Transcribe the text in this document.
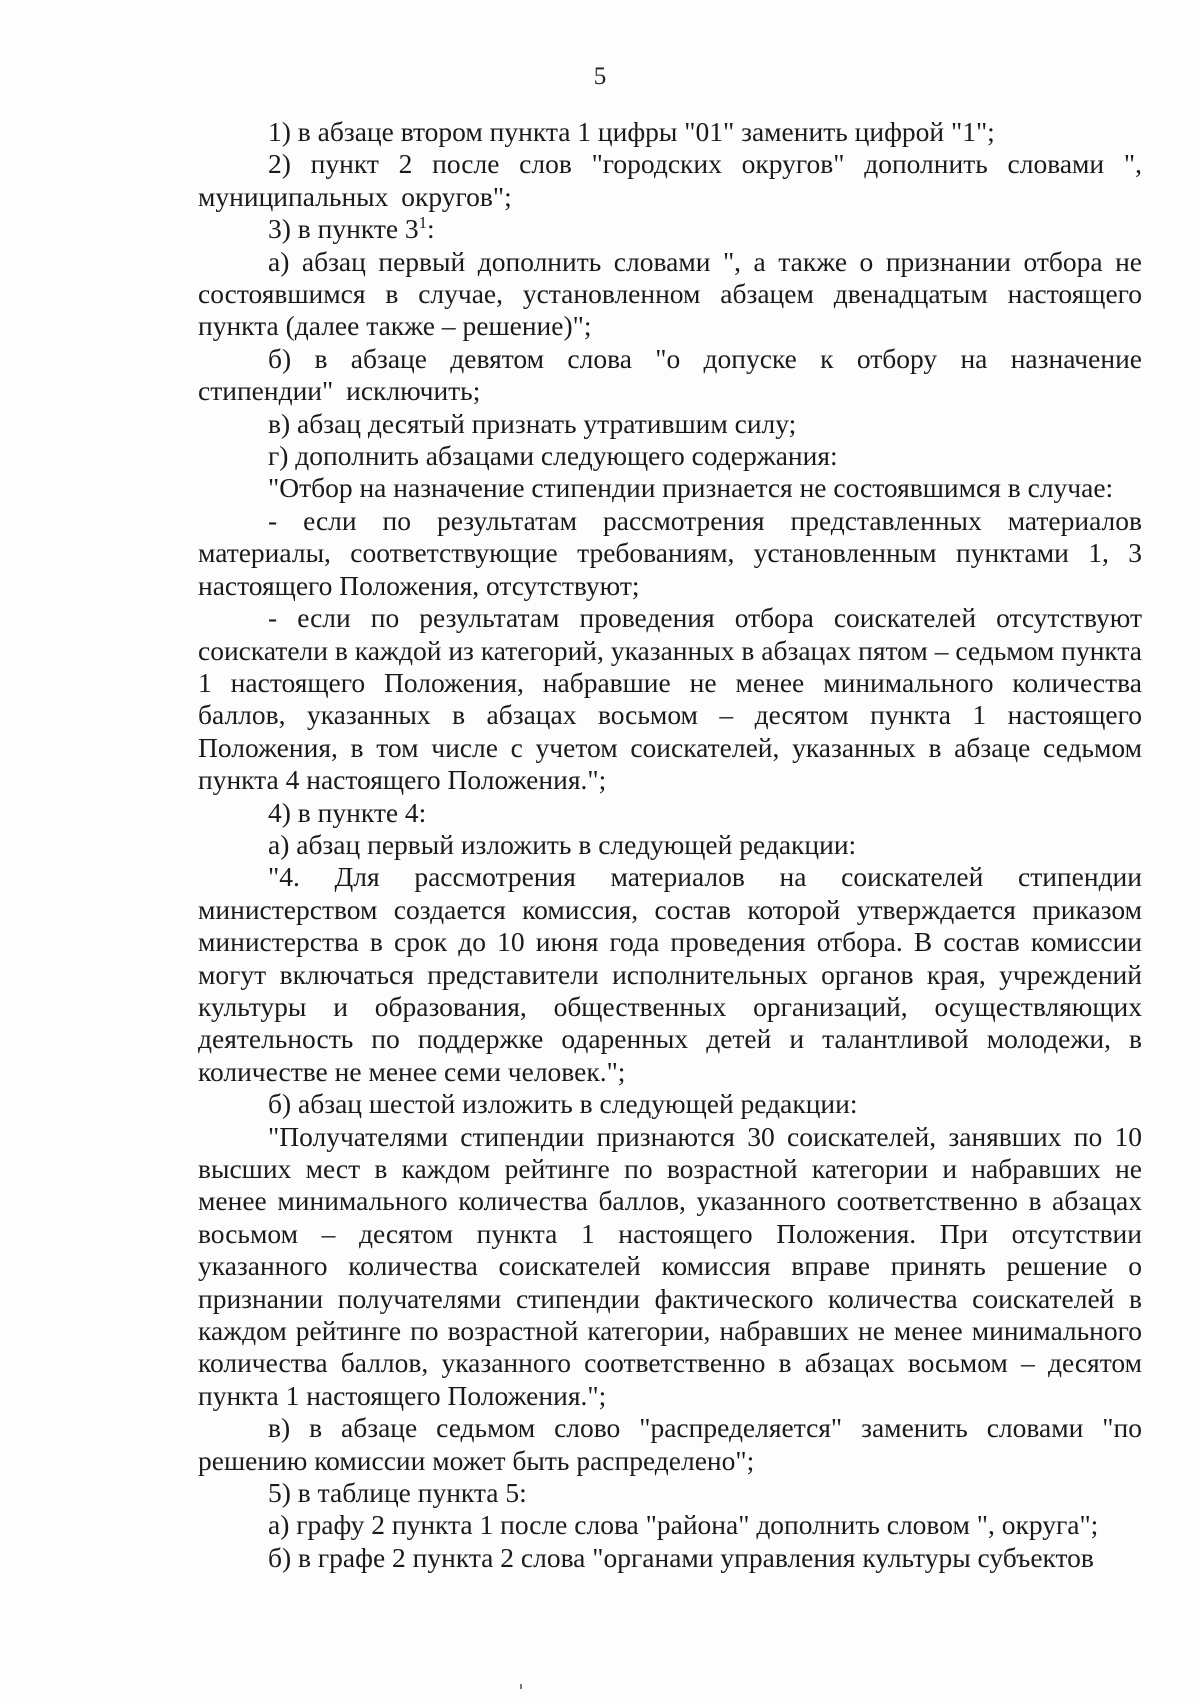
5

1) в абзаце втором пункта 1 цифры "01" заменить цифрой "1";

2) пункт 2 после слов "городских округов" дополнить словами ", муниципальных округов";

3) в пункте $3^1$:

а) абзац первый дополнить словами ", а также о признании отбора не состоявшимся в случае, установленном абзацем двенадцатым настоящего пункта (далее также – решение)";

б) в абзаце девятом слова "о допуске к отбору на назначение стипендии" исключить;

в) абзац десятый признать утратившим силу;

г) дополнить абзацами следующего содержания:

"Отбор на назначение стипендии признается не состоявшимся в случае:

- если по результатам рассмотрения представленных материалов материалы, соответствующие требованиям, установленным пунктами 1, 3 настоящего Положения, отсутствуют;

- если по результатам проведения отбора соискателей отсутствуют соискатели в каждой из категорий, указанных в абзацах пятом – седьмом пункта 1 настоящего Положения, набравшие не менее минимального количества баллов, указанных в абзацах восьмом – десятом пункта 1 настоящего Положения, в том числе с учетом соискателей, указанных в абзаце седьмом пункта 4 настоящего Положения.";

4) в пункте 4:

а) абзац первый изложить в следующей редакции:

"4. Для рассмотрения материалов на соискателей стипендии министерством создается комиссия, состав которой утверждается приказом министерства в срок до 10 июня года проведения отбора. В состав комиссии могут включаться представители исполнительных органов края, учреждений культуры и образования, общественных организаций, осуществляющих деятельность по поддержке одаренных детей и талантливой молодежи, в количестве не менее семи человек.";

б) абзац шестой изложить в следующей редакции:

"Получателями стипендии признаются 30 соискателей, занявших по 10 высших мест в каждом рейтинге по возрастной категории и набравших не менее минимального количества баллов, указанного соответственно в абзацах восьмом – десятом пункта 1 настоящего Положения. При отсутствии указанного количества соискателей комиссия вправе принять решение о признании получателями стипендии фактического количества соискателей в каждом рейтинге по возрастной категории, набравших не менее минимального количества баллов, указанного соответственно в абзацах восьмом – десятом пункта 1 настоящего Положения.";

в) в абзаце седьмом слово "распределяется" заменить словами "по решению комиссии может быть распределено";

5) в таблице пункта 5:

а) графу 2 пункта 1 после слова "района" дополнить словом ", округа";

б) в графе 2 пункта 2 слова "органами управления культуры субъектов
